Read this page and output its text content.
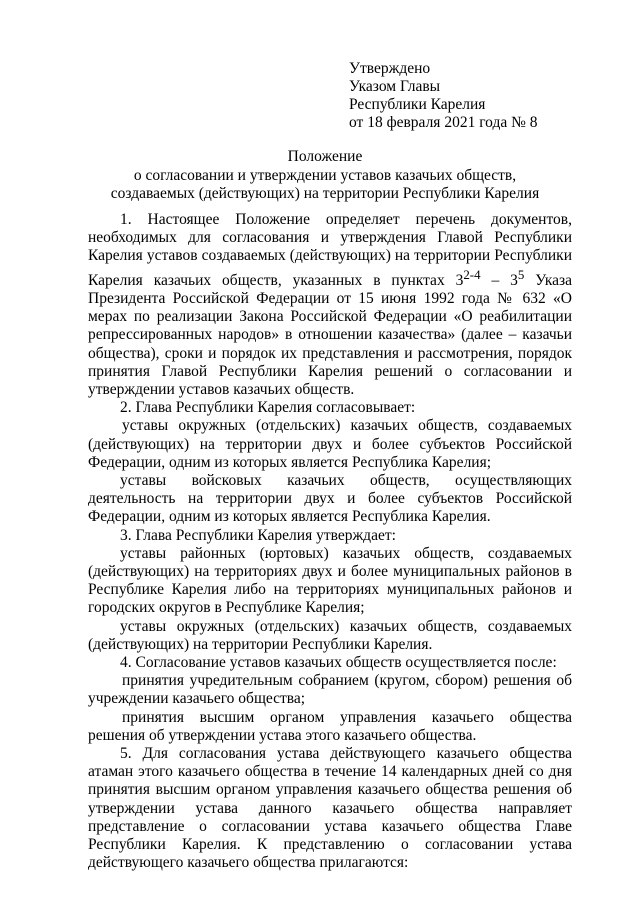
Утверждено
Указом Главы
Республики Карелия
от 18 февраля 2021 года № 8
Положение
о согласовании и утверждении уставов казачьих обществ,
создаваемых (действующих) на территории Республики Карелия

1. Настоящее Положение определяет перечень документов, необходимых для согласования и утверждения Главой Республики Карелия уставов создаваемых (действующих) на территории Республики Карелия казачьих обществ, указанных в пунктах $3^{2-4} - 3^5$ Указа Президента Российской Федерации от 15 июня 1992 года № 632 «О мерах по реализации Закона Российской Федерации «О реабилитации репрессированных народов» в отношении казачества» (далее – казачьи общества), сроки и порядок их представления и рассмотрения, порядок принятия Главой Республики Карелия решений о согласовании и утверждении уставов казачьих обществ.

2. Глава Республики Карелия согласовывает:

уставы окружных (отдельских) казачьих обществ, создаваемых (действующих) на территории двух и более субъектов Российской Федерации, одним из которых является Республика Карелия;

уставы войсковых казачьих обществ, осуществляющих деятельность на территории двух и более субъектов Российской Федерации, одним из которых является Республика Карелия.

3. Глава Республики Карелия утверждает:

уставы районных (юртовых) казачьих обществ, создаваемых (действующих) на территориях двух и более муниципальных районов в Республике Карелия либо на территориях муниципальных районов и городских округов в Республике Карелия;

уставы окружных (отдельских) казачьих обществ, создаваемых (действующих) на территории Республики Карелия.

4. Согласование уставов казачьих обществ осуществляется после:

принятия учредительным собранием (кругом, сбором) решения об учреждении казачьего общества;

принятия высшим органом управления казачьего общества решения об утверждении устава этого казачьего общества.

5. Для согласования устава действующего казачьего общества атаман этого казачьего общества в течение 14 календарных дней со дня принятия высшим органом управления казачьего общества решения об утверждении устава данного казачьего общества направляет представление о согласовании устава казачьего общества Главе Республики Карелия. К представлению о согласовании устава действующего казачьего общества прилагаются:
